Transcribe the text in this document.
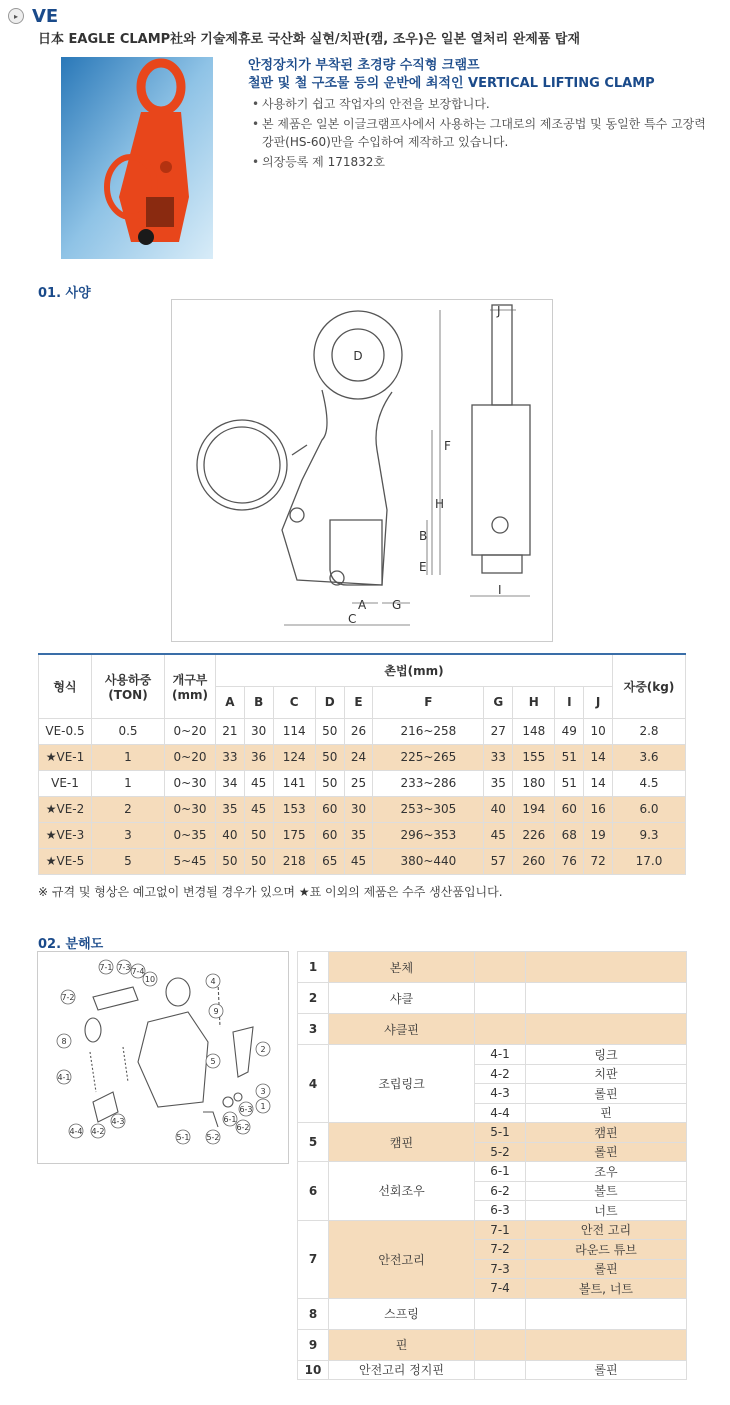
▸ VE
日本 EAGLE CLAMP社와 기술제휴로 국산화 실현/치판(캠, 조우)은 일본 열처리 완제품 탑재
안정장치가 부착된 초경량 수직형 크램프
철판 및 철 구조물 등의 운반에 최적인 VERTICAL LIFTING CLAMP
• 사용하기 쉽고 작업자의 안전을 보장합니다.
• 본 제품은 일본 이글크램프사에서 사용하는 그대로의 제조공법 및 동일한 특수 고장력 강판(HS-60)만을 수입하여 제작하고 있습니다.
• 의장등록 제 171832호
01. 사양
D
F
H
B
E
A G
C
I
J
형식	사용하중 (TON)	개구부 (mm)	촌법(mm)										자중(kg)
			A	B	C	D	E	F	G	H	I	J	
VE-0.5	0.5	0~20	21	30	114	50	26	216~258	27	148	49	10	2.8
★VE-1	1	0~20	33	36	124	50	24	225~265	33	155	51	14	3.6
VE-1	1	0~30	34	45	141	50	25	233~286	35	180	51	14	4.5
★VE-2	2	0~30	35	45	153	60	30	253~305	40	194	60	16	6.0
★VE-3	3	0~35	40	50	175	60	35	296~353	45	226	68	19	9.3
★VE-5	5	5~45	50	50	218	65	45	380~440	57	260	76	72	17.0
※ 규격 및 형상은 예고없이 변경될 경우가 있으며 ★표 이외의 제품은 수주 생산품입니다.
02. 분해도
7-1 7-3 7-4
10	4
7-2
9
8
2
4-1
5
3
1
4-4 4-2
4-3
5-1 5-2
6-2
6-1
6-3
1	본체		
2	샤클		
3	샤클핀		
4	조립링크	4-1	링크
		4-2	치판
		4-3	롤핀
		4-4	핀
5	캠핀	5-1	캠핀
		5-2	롤핀
6	선회조우	6-1	조우
		6-2	볼트
		6-3	너트
7	안전고리	7-1	안전 고리
		7-2	라운드 튜브
		7-3	롤핀
		7-4	볼트, 너트
8	스프링		
9	핀		
10	안전고리 정지핀		롤핀
